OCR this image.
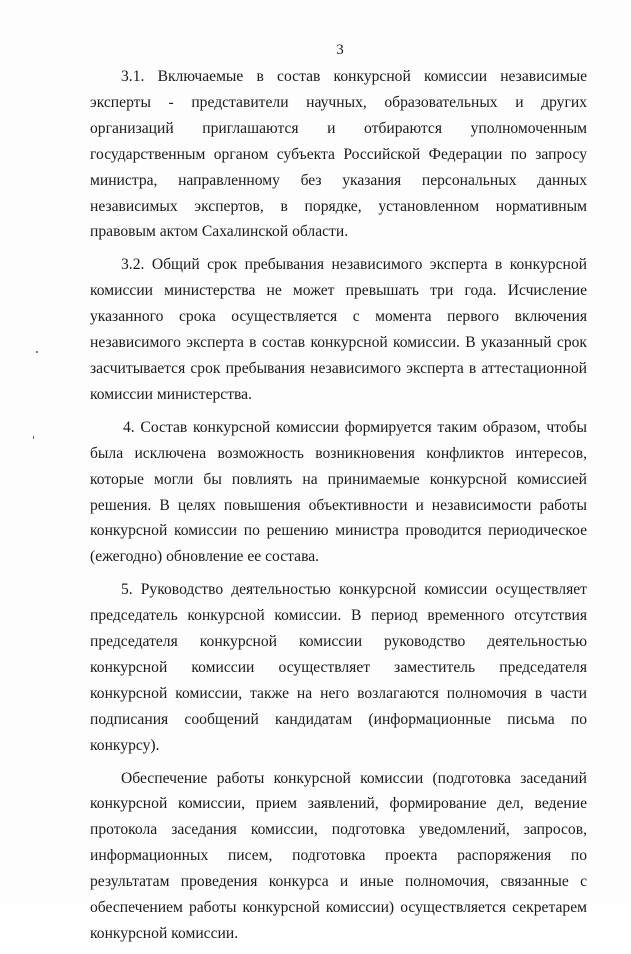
3

3.1. Включаемые в состав конкурсной комиссии независимые эксперты - представители научных, образовательных и других организаций приглашаются и отбираются уполномоченным государственным органом субъекта Российской Федерации по запросу министра, направленному без указания персональных данных независимых экспертов, в порядке, установленном нормативным правовым актом Сахалинской области.

3.2. Общий срок пребывания независимого эксперта в конкурсной комиссии министерства не может превышать три года. Исчисление указанного срока осуществляется с момента первого включения независимого эксперта в состав конкурсной комиссии. В указанный срок засчитывается срок пребывания независимого эксперта в аттестационной комиссии министерства.

4. Состав конкурсной комиссии формируется таким образом, чтобы была исключена возможность возникновения конфликтов интересов, которые могли бы повлиять на принимаемые конкурсной комиссией решения. В целях повышения объективности и независимости работы конкурсной комиссии по решению министра проводится периодическое (ежегодно) обновление ее состава.

5. Руководство деятельностью конкурсной комиссии осуществляет председатель конкурсной комиссии. В период временного отсутствия председателя конкурсной комиссии руководство деятельностью конкурсной комиссии осуществляет заместитель председателя конкурсной комиссии, также на него возлагаются полномочия в части подписания сообщений кандидатам (информационные письма по конкурсу).

Обеспечение работы конкурсной комиссии (подготовка заседаний конкурсной комиссии, прием заявлений, формирование дел, ведение протокола заседания комиссии, подготовка уведомлений, запросов, информационных писем, подготовка проекта распоряжения по результатам проведения конкурса и иные полномочия, связанные с обеспечением работы конкурсной комиссии) осуществляется секретарем конкурсной комиссии.
